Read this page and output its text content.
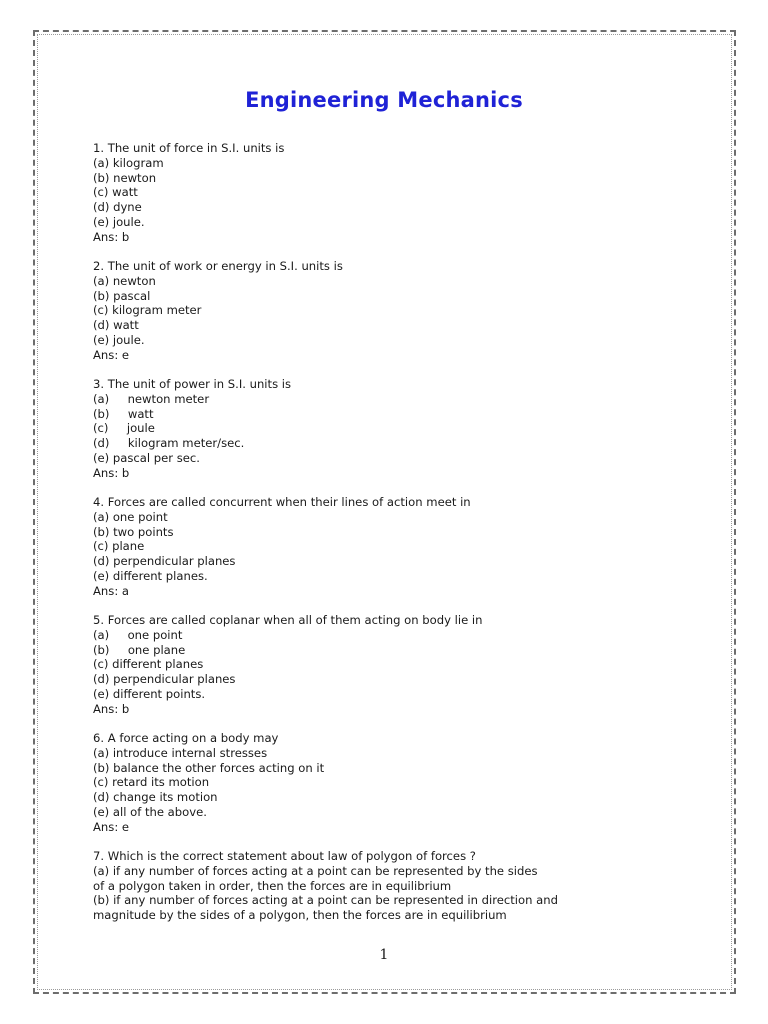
Engineering Mechanics
1. The unit of force in S.I. units is
(a) kilogram
(b) newton
(c) watt
(d) dyne
(e) joule.
Ans: b
2. The unit of work or energy in S.I. units is
(a) newton
(b) pascal
(c) kilogram meter
(d) watt
(e) joule.
Ans: e
3. The unit of power in S.I. units is
(a)     newton meter
(b)     watt
(c)     joule
(d)     kilogram meter/sec.
(e) pascal per sec.
Ans: b
4. Forces are called concurrent when their lines of action meet in
(a) one point
(b) two points
(c) plane
(d) perpendicular planes
(e) different planes.
Ans: a
5. Forces are called coplanar when all of them acting on body lie in
(a)     one point
(b)     one plane
(c) different planes
(d) perpendicular planes
(e) different points.
Ans: b
6. A force acting on a body may
(a) introduce internal stresses
(b) balance the other forces acting on it
(c) retard its motion
(d) change its motion
(e) all of the above.
Ans: e
7. Which is the correct statement about law of polygon of forces ?
(a) if any number of forces acting at a point can be represented by the sides
of a polygon taken in order, then the forces are in equilibrium
(b) if any number of forces acting at a point can be represented in direction and
magnitude by the sides of a polygon, then the forces are in equilibrium
1
